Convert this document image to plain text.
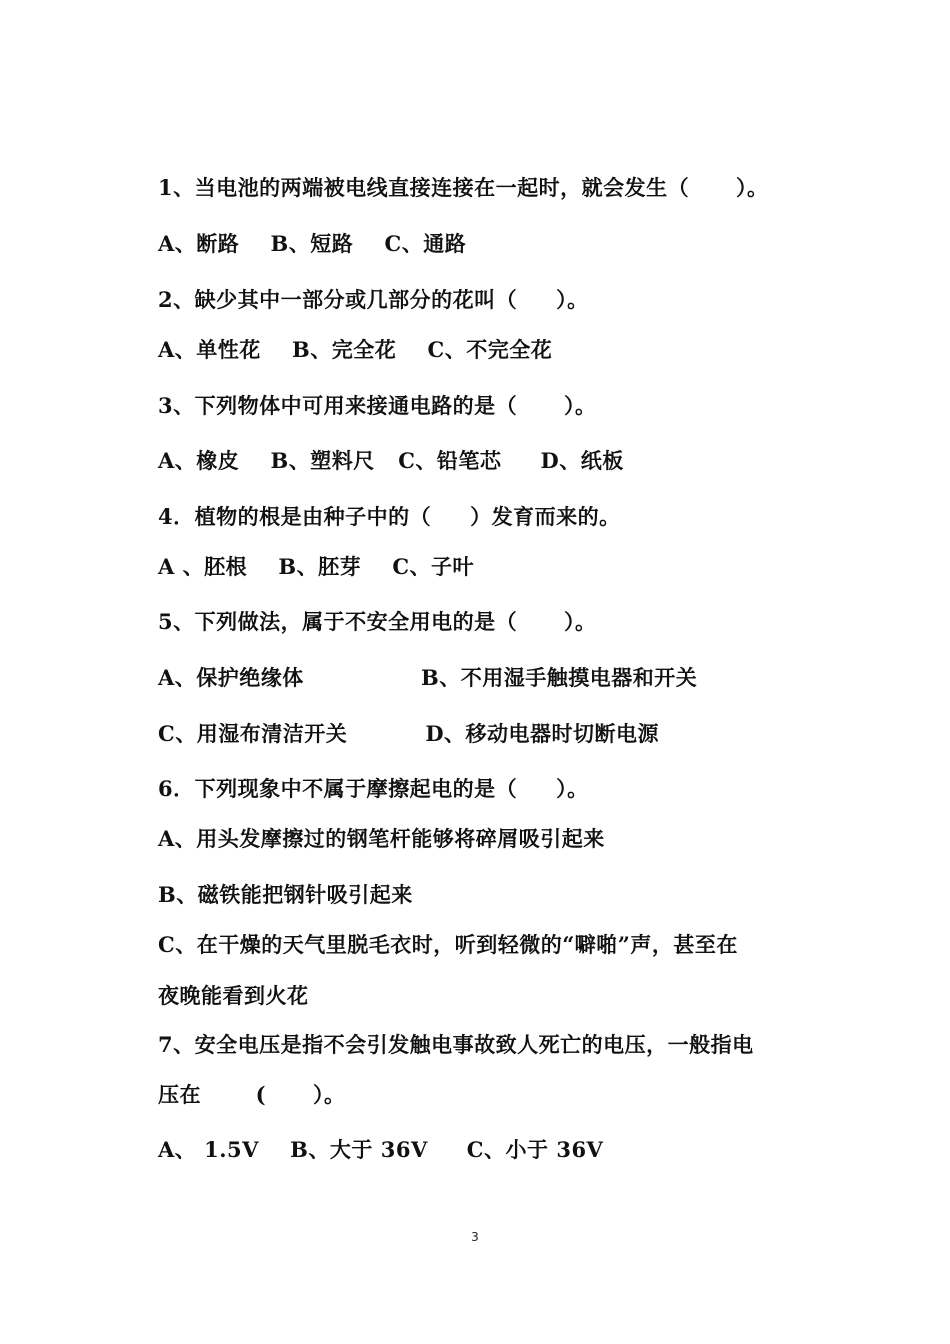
1、当电池的两端被电线直接连接在一起时，就会发生（      ）。
A、断路    B、短路    C、通路
2、缺少其中一部分或几部分的花叫（     ）。
A、单性花    B、完全花    C、不完全花
3、下列物体中可用来接通电路的是（      ）。
A、橡皮    B、塑料尺   C、铅笔芯     D、纸板
4．植物的根是由种子中的（     ）发育而来的。
A 、胚根    B、胚芽    C、子叶
5、下列做法，属于不安全用电的是（      ）。
A、保护绝缘体               B、不用湿手触摸电器和开关
C、用湿布清洁开关          D、移动电器时切断电源
6．下列现象中不属于摩擦起电的是（     ）。
A、用头发摩擦过的钢笔杆能够将碎屑吸引起来
B、磁铁能把钢针吸引起来
C、在干燥的天气里脱毛衣时，听到轻微的“噼啪”声，甚至在
夜晚能看到火花
7、安全电压是指不会引发触电事故致人死亡的电压，一般指电
压在       (      ）。
A、 1.5V    B、大于 36V     C、小于 36V
3
